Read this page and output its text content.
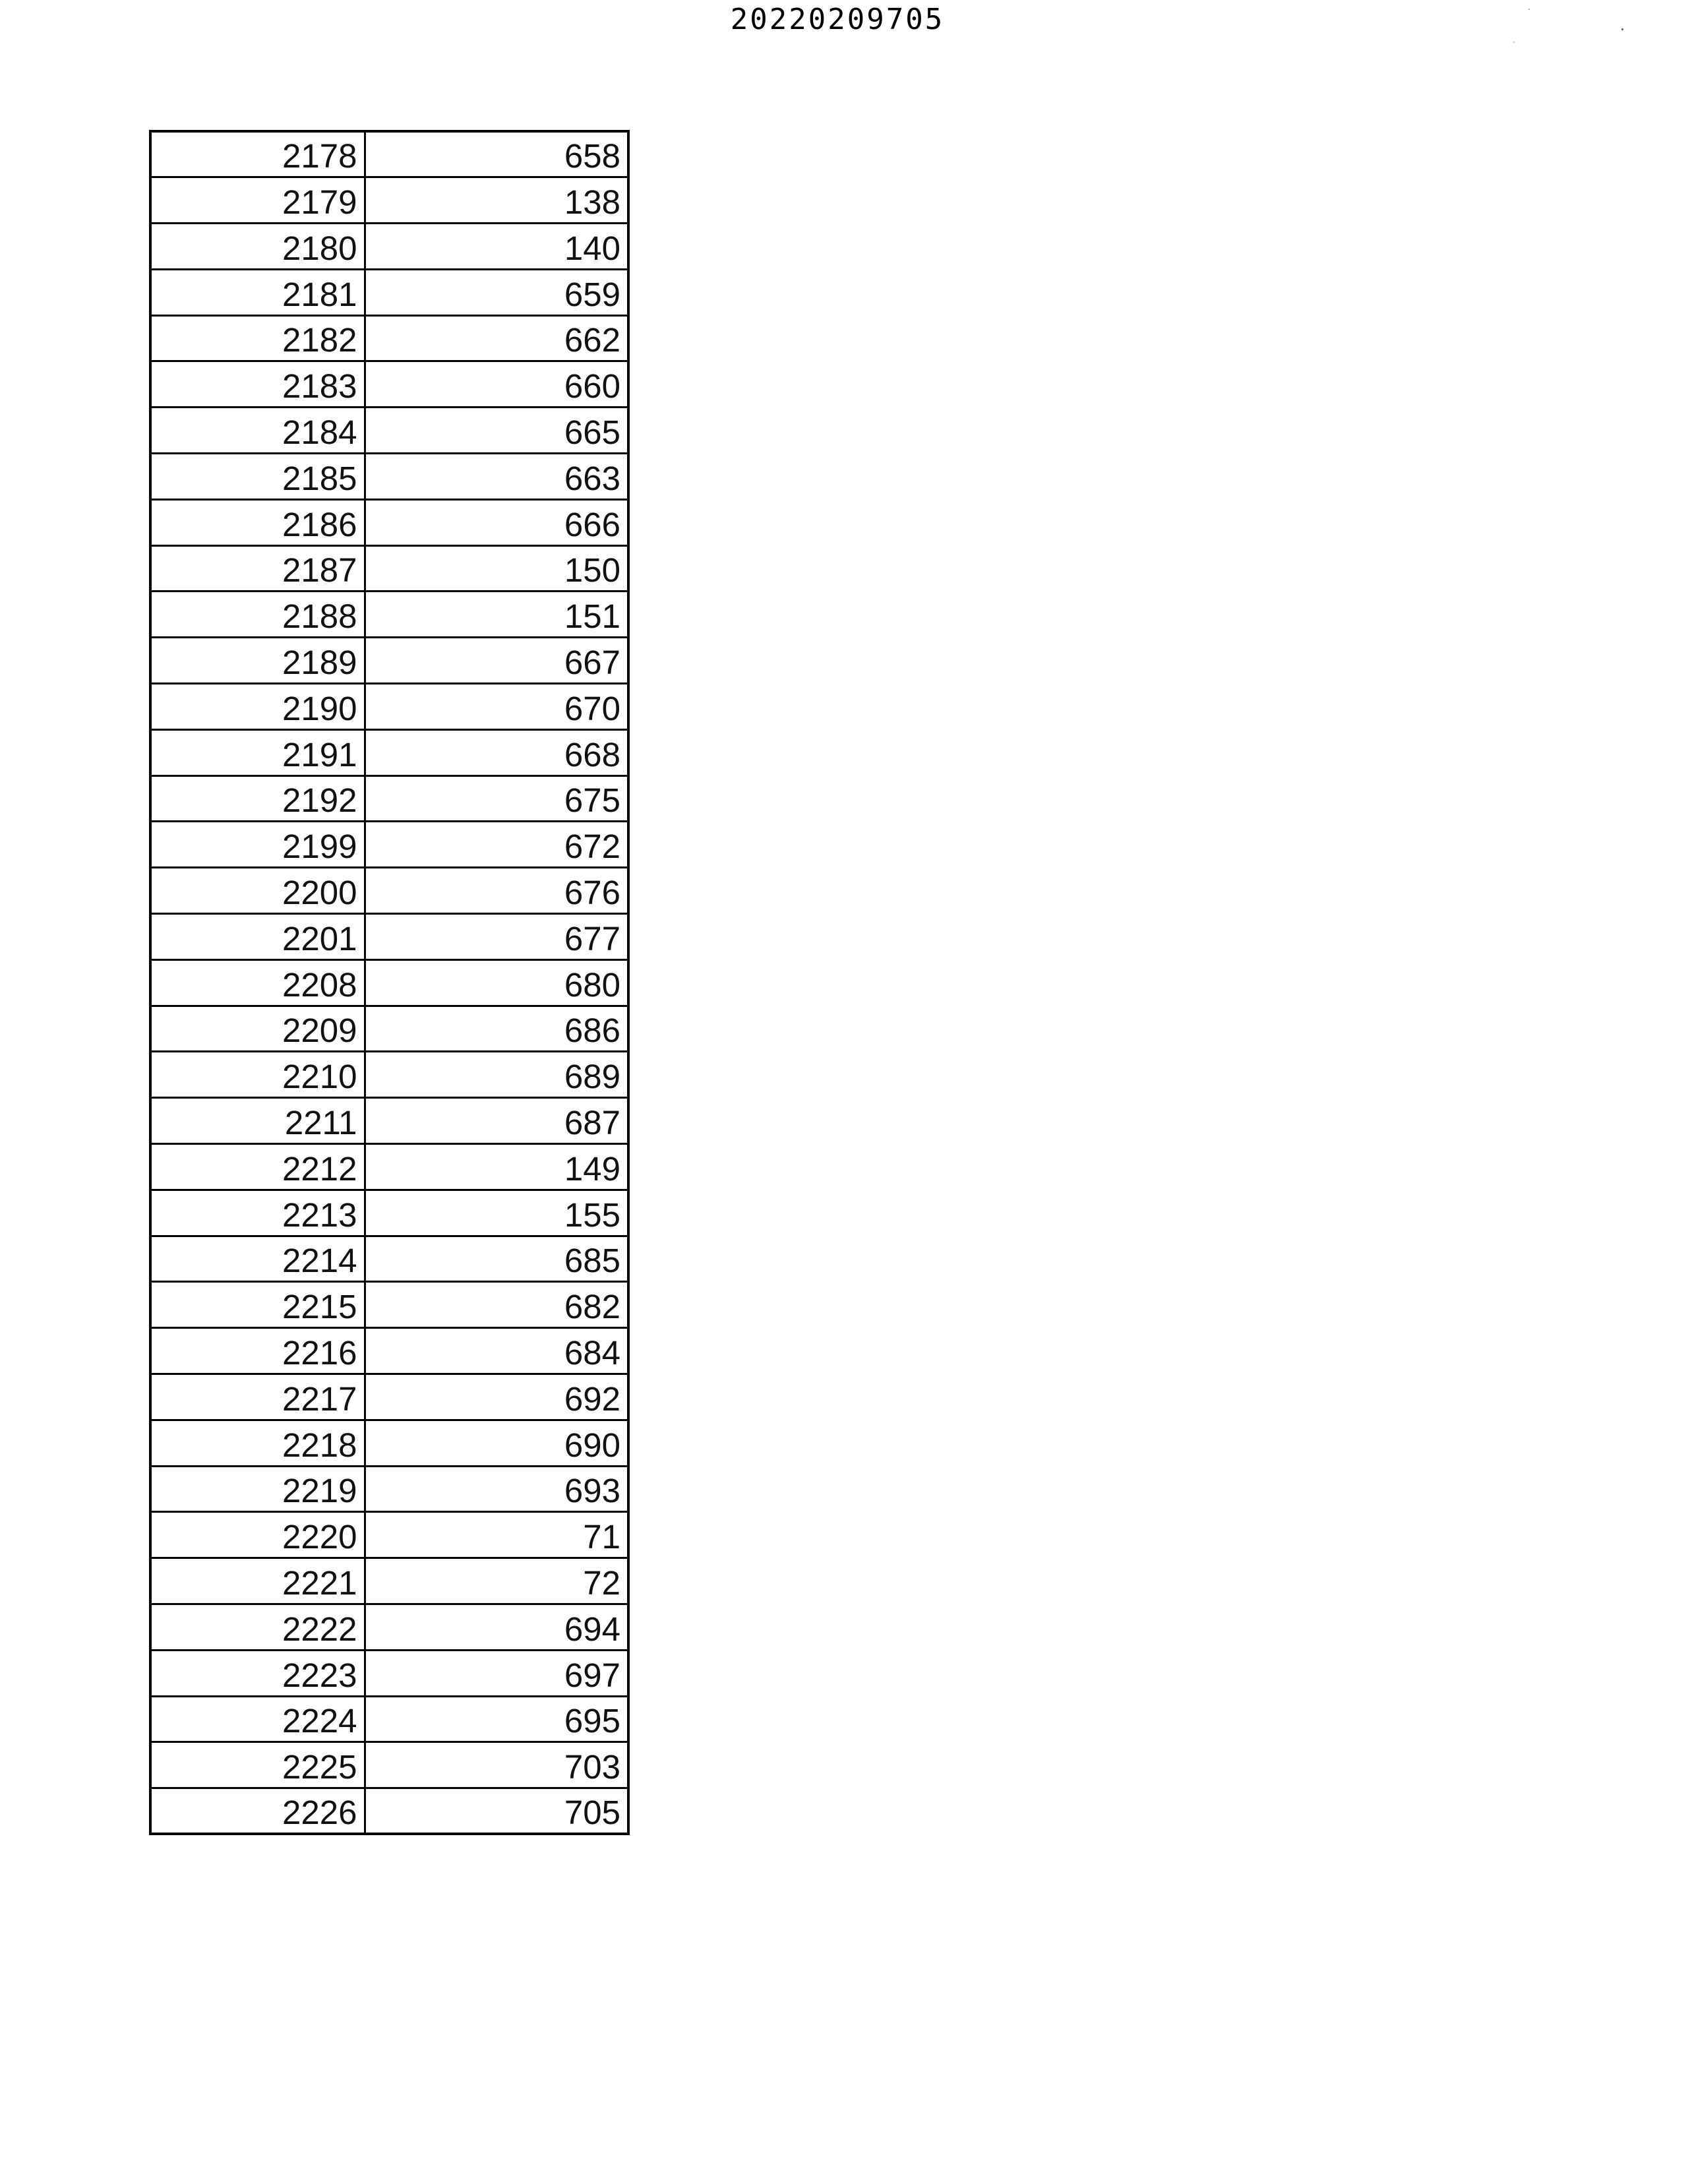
20220209705
2178	658
2179	138
2180	140
2181	659
2182	662
2183	660
2184	665
2185	663
2186	666
2187	150
2188	151
2189	667
2190	670
2191	668
2192	675
2199	672
2200	676
2201	677
2208	680
2209	686
2210	689
2211	687
2212	149
2213	155
2214	685
2215	682
2216	684
2217	692
2218	690
2219	693
2220	71
2221	72
2222	694
2223	697
2224	695
2225	703
2226	705
